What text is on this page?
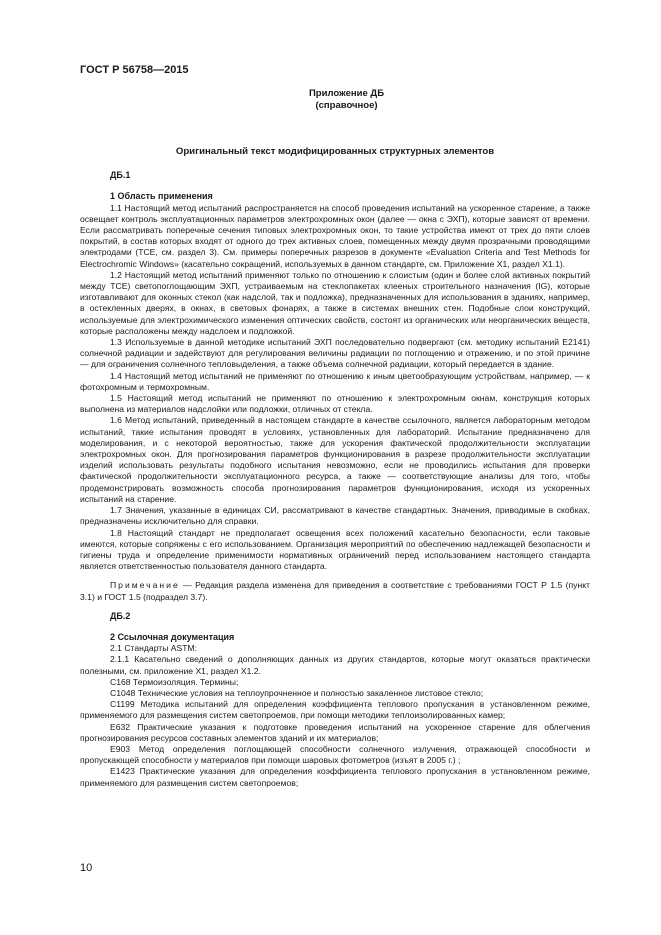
ГОСТ Р 56758—2015
Приложение ДБ
(справочное)
Оригинальный текст модифицированных структурных элементов
ДБ.1
1 Область применения

1.1 Настоящий метод испытаний распространяется на способ проведения испытаний на ускоренное старение, а также освещает контроль эксплуатационных параметров электрохромных окон (далее — окна с ЭХП), которые зависят от времени. Если рассматривать поперечные сечения типовых электрохромных окон, то такие устройства имеют от трех до пяти слоев покрытий, в состав которых входят от одного до трех активных слоев, помещенных между двумя прозрачными проводящими электродами (TCE, см. раздел 3). См. примеры поперечных разрезов в документе «Evaluation Criteria and Test Methods for Electrochromic Windows» (касательно сокращений, используемых в данном стандарте, см. Приложение X1, раздел X1.1).

1.2 Настоящий метод испытаний применяют только по отношению к слоистым (один и более слой активных покрытий между TCE) светопоглощающим ЭХП, устраиваемым на стеклопакетах клееных строительного назначения (IG), которые изготавливают для оконных стекол (как надслой, так и подложка), предназначенных для использования в зданиях, например, в остекленных дверях, в окнах, в световых фонарях, а также в системах внешних стен. Подобные слои конструкций, используемые для электрохимического изменения оптических свойств, состоят из органических или неорганических веществ, которые расположены между надслоем и подложкой.

1.3 Используемые в данной методике испытаний ЭХП последовательно подвергают (см. методику испытаний E2141) солнечной радиации и задействуют для регулирования величины радиации по поглощению и отражению, и по этой причине — для ограничения солнечного тепловыделения, а также объема солнечной радиации, который передается в здание.

1.4 Настоящий метод испытаний не применяют по отношению к иным цветообразующим устройствам, например, — к фотохромным и термохромным.

1.5 Настоящий метод испытаний не применяют по отношению к электрохромным окнам, конструкция которых выполнена из материалов надслойки или подложки, отличных от стекла.

1.6 Метод испытаний, приведенный в настоящем стандарте в качестве ссылочного, является лабораторным методом испытаний, такие испытания проводят в условиях, установленных для лабораторий. Испытание предназначено для моделирования, и с некоторой вероятностью, также для ускорения фактической продолжительности эксплуатации электрохромных окон. Для прогнозирования параметров функционирования в разрезе продолжительности эксплуатации изделий использовать результаты подобного испытания невозможно, если не проводились испытания для проверки фактической продолжительности эксплуатационного ресурса, а также — соответствующие анализы для того, чтобы продемонстрировать возможность способа прогнозирования параметров функционирования, исходя из ускоренных испытаний на старение.

1.7 Значения, указанные в единицах СИ, рассматривают в качестве стандартных. Значения, приводимые в скобках, предназначены исключительно для справки.

1.8 Настоящий стандарт не предполагает освещения всех положений касательно безопасности, если таковые имеются, которые сопряжены с его использованием. Организация мероприятий по обеспечению надлежащей безопасности и гигиены труда и определение применимости нормативных ограничений перед использованием настоящего стандарта является ответственностью пользователя данного стандарта.

Примечание — Редакция раздела изменена для приведения в соответствие с требованиями ГОСТ Р 1.5 (пункт 3.1) и ГОСТ 1.5 (подраздел 3.7).

ДБ.2
2 Ссылочная документация

2.1 Стандарты ASTM:

2.1.1 Касательно сведений о дополняющих данных из других стандартов, которые могут оказаться практически полезными, см. приложение X1, раздел X1.2.

C168 Термоизоляция. Термины;

C1048 Технические условия на теплоупрочненное и полностью закаленное листовое стекло;

C1199 Методика испытаний для определения коэффициента теплового пропускания в установленном режиме, применяемого для размещения систем светопроемов, при помощи методики теплоизолированных камер;

E632 Практические указания к подготовке проведения испытаний на ускоренное старение для облегчения прогнозирования ресурсов составных элементов зданий и их материалов;

E903 Метод определения поглощающей способности солнечного излучения, отражающей способности и пропускающей способности у материалов при помощи шаровых фотометров (изъят в 2005 г.) ;

E1423 Практические указания для определения коэффициента теплового пропускания в установленном режиме, применяемого для размещения систем светопроемов;

10
